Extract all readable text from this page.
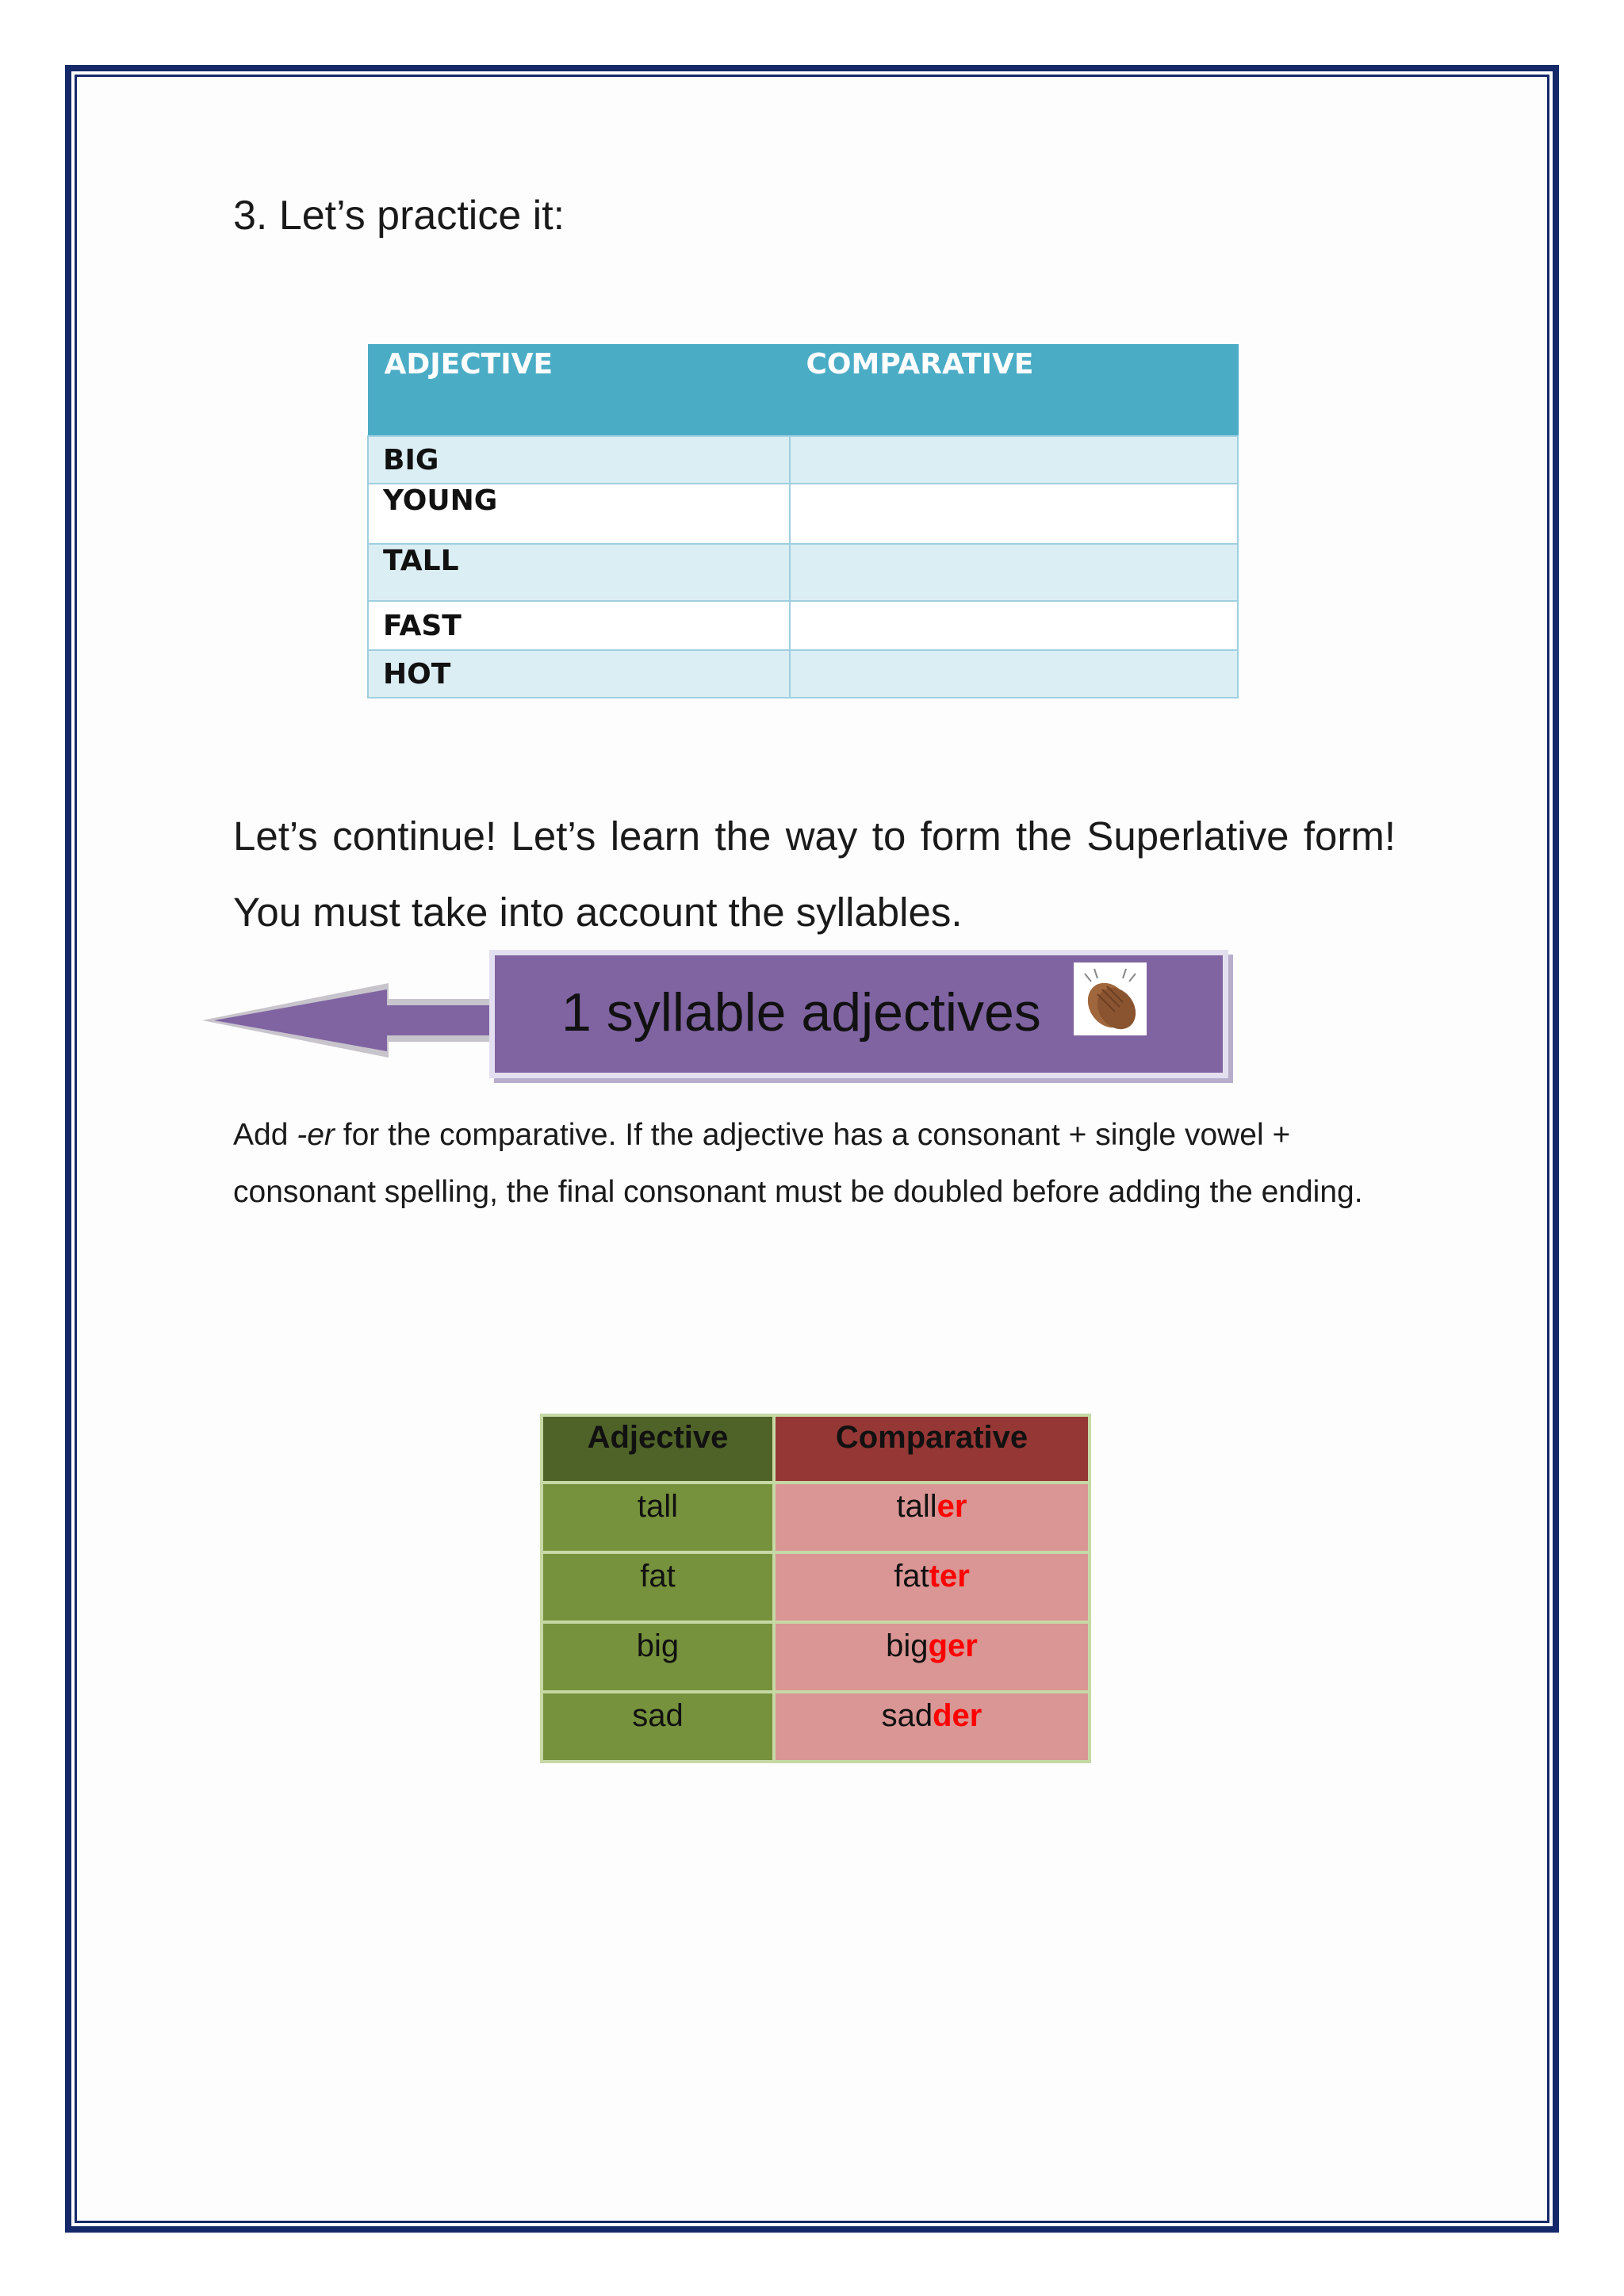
3. Let’s practice it:
ADJECTIVE	COMPARATIVE
BIG	
YOUNG	
TALL	
FAST	
HOT	

Let’s continue! Let’s learn the way to form the Superlative form! You must take into account the syllables.

1 syllable adjectives

Add -er for the comparative. If the adjective has a consonant + single vowel + consonant spelling, the final consonant must be doubled before adding the ending.

Adjective	Comparative
tall	taller
fat	fatter
big	bigger
sad	sadder
